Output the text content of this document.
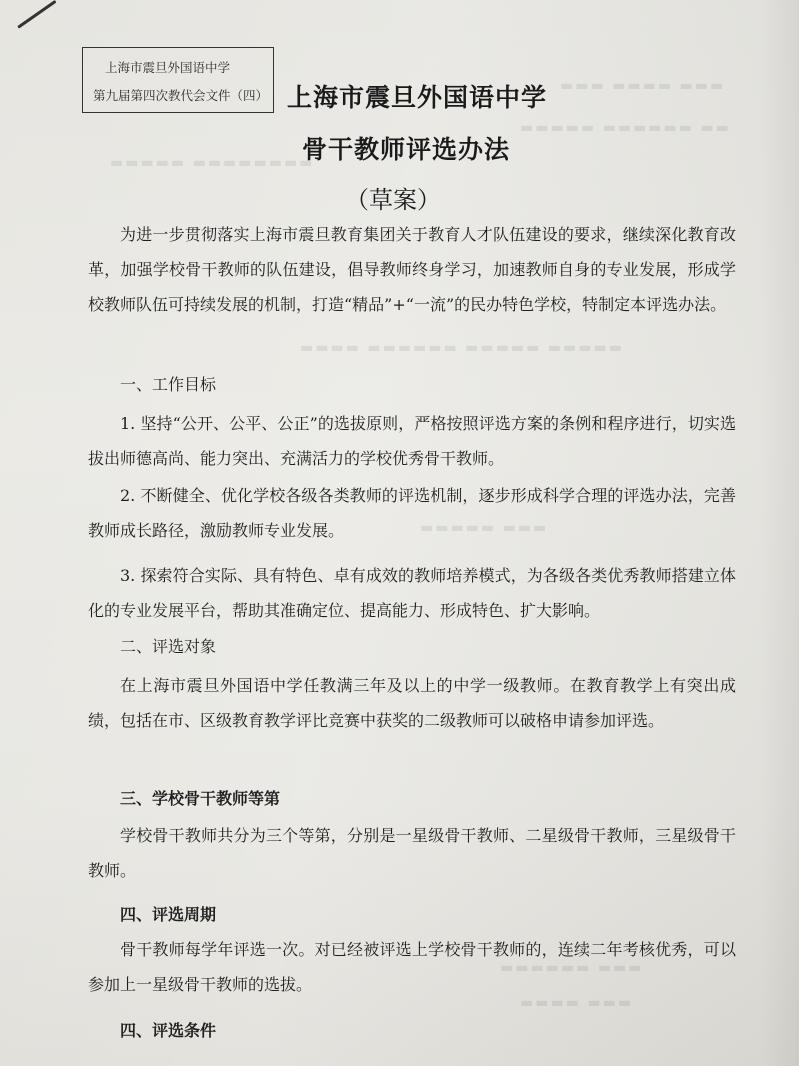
▬▬▬ ▬▬▬▬ ▬▬▬
▬▬▬▬▬ ▬▬▬▬▬▬ ▬▬
▬▬▬▬▬ ▬▬▬▬▬▬▬▬
▬▬▬▬ ▬▬▬▬▬▬ ▬▬▬▬▬ ▬▬▬▬▬
▬▬▬▬▬ ▬▬▬
▬▬▬▬▬▬ ▬▬▬
▬▬▬▬ ▬▬▬
上海市震旦外国语中学
第九届第四次教代会文件（四） 上海市震旦外国语中学
骨干教师评选办法
（草案）
为进一步贯彻落实上海市震旦教育集团关于教育人才队伍建设的要求，继续深化教育改革，加强学校骨干教师的队伍建设，倡导教师终身学习，加速教师自身的专业发展，形成学校教师队伍可持续发展的机制，打造“精品”+“一流”的民办特色学校，特制定本评选办法。
一、工作目标
1. 坚持“公开、公平、公正”的选拔原则，严格按照评选方案的条例和程序进行，切实选拔出师德高尚、能力突出、充满活力的学校优秀骨干教师。
2. 不断健全、优化学校各级各类教师的评选机制，逐步形成科学合理的评选办法，完善教师成长路径，激励教师专业发展。
3. 探索符合实际、具有特色、卓有成效的教师培养模式，为各级各类优秀教师搭建立体化的专业发展平台，帮助其准确定位、提高能力、形成特色、扩大影响。
二、评选对象
在上海市震旦外国语中学任教满三年及以上的中学一级教师。在教育教学上有突出成绩，包括在市、区级教育教学评比竞赛中获奖的二级教师可以破格申请参加评选。
三、学校骨干教师等第
学校骨干教师共分为三个等第，分别是一星级骨干教师、二星级骨干教师，三星级骨干教师。
四、评选周期
骨干教师每学年评选一次。对已经被评选上学校骨干教师的，连续二年考核优秀，可以参加上一星级骨干教师的选拔。
四、评选条件
